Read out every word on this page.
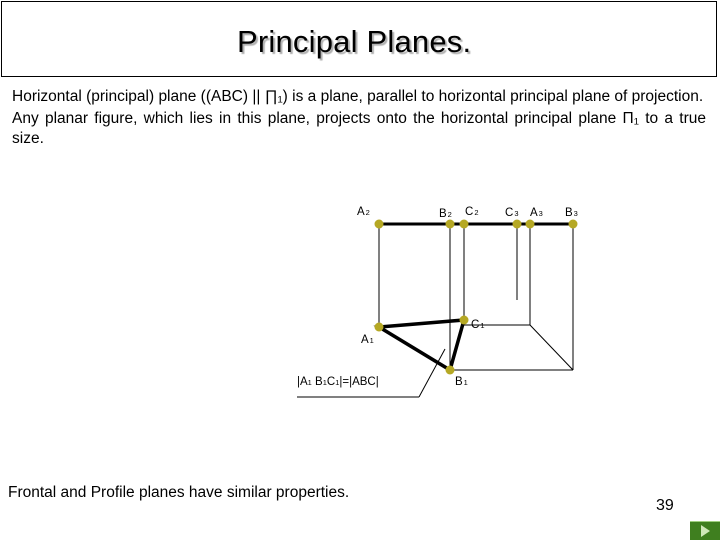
Principal Planes.

Horizontal (principal) plane ((ABC) || ∏₁) is a plane, parallel to horizontal principal plane of projection.

Any planar figure, which lies in this plane, projects onto the horizontal principal plane Π₁ to a true size.

A2	B2 C2 C3 A3 B3
C1
A1
B1
|A1 B1C1|=|ABC|
Frontal and Profile planes have similar properties.
39
